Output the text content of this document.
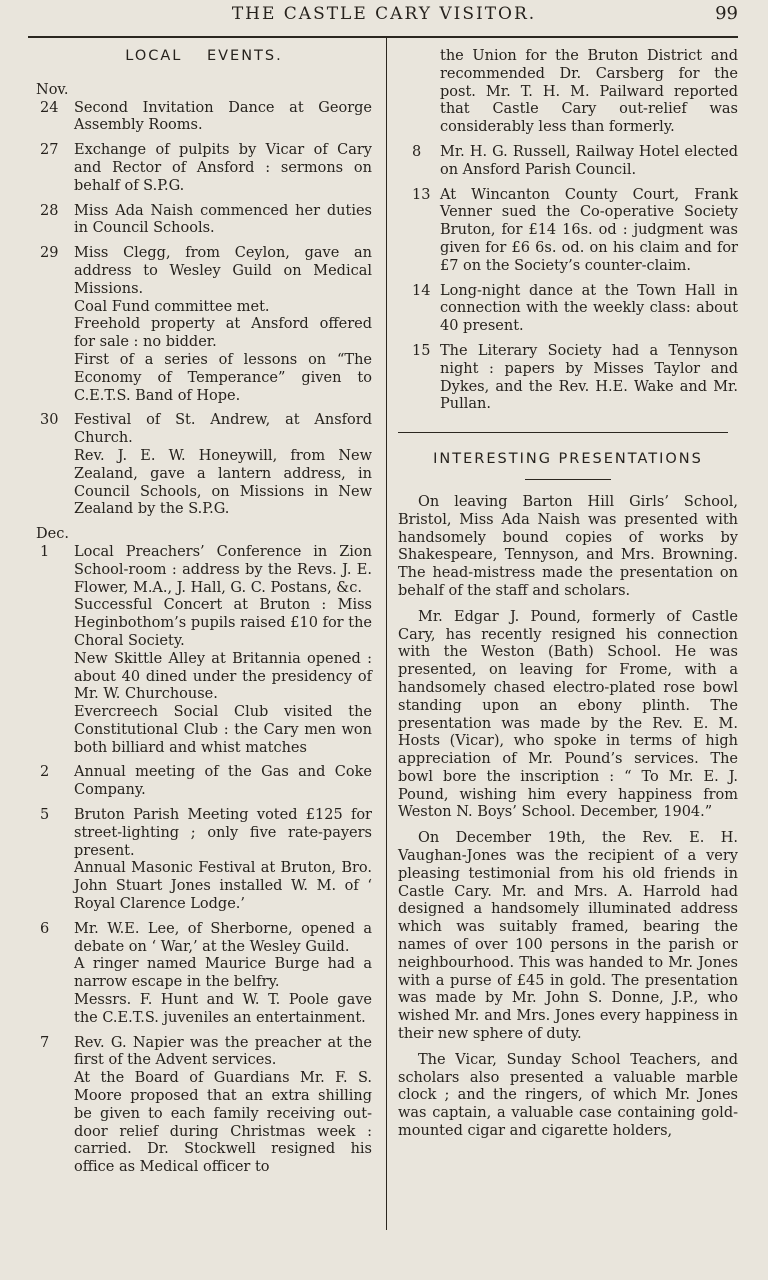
THE CASTLE CARY VISITOR.	99
LOCAL EVENTS.
Nov.
24	Second Invitation Dance at George Assembly Rooms.

27	Exchange of pulpits by Vicar of Cary and Rector of Ansford : sermons on behalf of S.P.G.

28	Miss Ada Naish commenced her duties in Council Schools.

29	Miss Clegg, from Ceylon, gave an address to Wesley Guild on Medical Missions.

Coal Fund committee met.

Freehold property at Ansford offered for sale : no bidder.

First of a series of lessons on “The Economy of Temperance” given to C.E.T.S. Band of Hope.

30	Festival of St. Andrew, at Ansford Church.

Rev. J. E. W. Honeywill, from New Zealand, gave a lantern address, in Council Schools, on Missions in New Zealand by the S.P.G.

Dec.
1	Local Preachers’ Conference in Zion School-room : address by the Revs. J. E. Flower, M.A., J. Hall, G. C. Postans, &c.

Successful Concert at Bruton : Miss Heginbothom’s pupils raised £10 for the Choral Society.

New Skittle Alley at Britannia opened : about 40 dined under the presidency of Mr. W. Churchouse.

Evercreech Social Club visited the Constitutional Club : the Cary men won both billiard and whist matches

2	Annual meeting of the Gas and Coke Company.

5	Bruton Parish Meeting voted £125 for street-lighting ; only five rate-payers present.

Annual Masonic Festival at Bruton, Bro. John Stuart Jones installed W. M. of ‘ Royal Clarence Lodge.’

6	Mr. W.E. Lee, of Sherborne, opened a debate on ‘ War,’ at the Wesley Guild.

A ringer named Maurice Burge had a narrow escape in the belfry.

Messrs. F. Hunt and W. T. Poole gave the C.E.T.S. juveniles an entertainment.

7	Rev. G. Napier was the preacher at the first of the Advent services.

At the Board of Guardians Mr. F. S. Moore proposed that an extra shilling be given to each family receiving out-door relief during Christmas week : carried. Dr. Stockwell resigned his office as Medical officer to

the Union for the Bruton District and recommended Dr. Carsberg for the post. Mr. T. H. M. Pailward reported that Castle Cary out-relief was considerably less than formerly.

8	Mr. H. G. Russell, Railway Hotel elected on Ansford Parish Council.

13 At Wincanton County Court, Frank Venner sued the Co-operative Society Bruton, for £14 16s. od : judgment was given for £6 6s. od. on his claim and for £7 on the Society’s counter-claim.

14 Long-night dance at the Town Hall in connection with the weekly class: about 40 present.

15 The Literary Society had a Tennyson night : papers by Misses Taylor and Dykes, and the Rev. H.E. Wake and Mr. Pullan.

INTERESTING PRESENTATIONS

On leaving Barton Hill Girls’ School, Bristol, Miss Ada Naish was presented with handsomely bound copies of works by Shakespeare, Tennyson, and Mrs. Browning. The head-mistress made the presentation on behalf of the staff and scholars.

Mr. Edgar J. Pound, formerly of Castle Cary, has recently resigned his connection with the Weston (Bath) School. He was presented, on leaving for Frome, with a handsomely chased electro-plated rose bowl standing upon an ebony plinth. The presentation was made by the Rev. E. M. Hosts (Vicar), who spoke in terms of high appreciation of Mr. Pound’s services. The bowl bore the inscription : “ To Mr. E. J. Pound, wishing him every happiness from Weston N. Boys’ School. December, 1904.”

On December 19th, the Rev. E. H. Vaughan-Jones was the recipient of a very pleasing testimonial from his old friends in Castle Cary. Mr. and Mrs. A. Harrold had designed a handsomely illuminated address which was suitably framed, bearing the names of over 100 persons in the parish or neighbourhood. This was handed to Mr. Jones with a purse of £45 in gold. The presentation was made by Mr. John S. Donne, J.P., who wished Mr. and Mrs. Jones every happiness in their new sphere of duty.

The Vicar, Sunday School Teachers, and scholars also presented a valuable marble clock ; and the ringers, of which Mr. Jones was captain, a valuable case containing gold-mounted cigar and cigarette holders,
